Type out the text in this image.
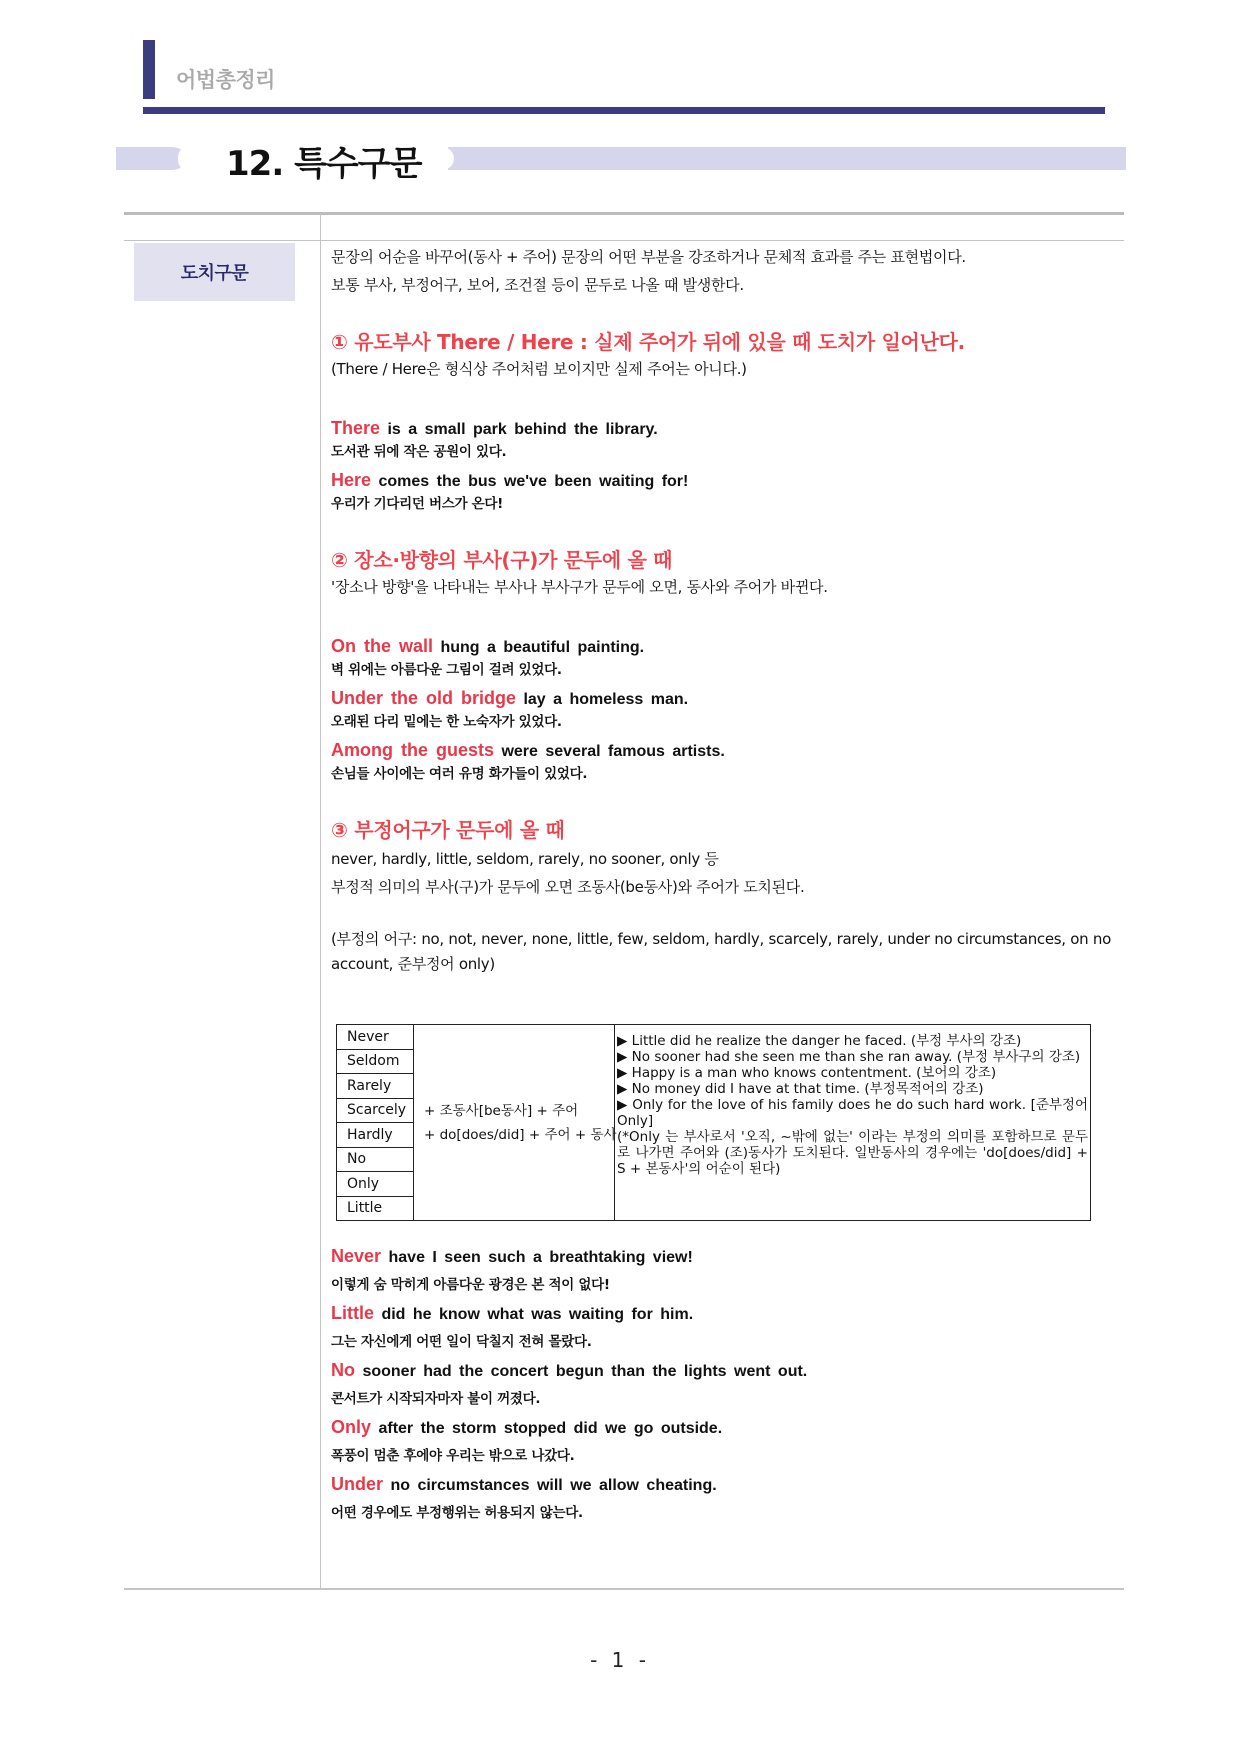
어법총정리
12. 특수구문
도치구문
문장의 어순을 바꾸어(동사 + 주어) 문장의 어떤 부분을 강조하거나 문체적 효과를 주는 표현법이다.
보통 부사, 부정어구, 보어, 조건절 등이 문두로 나올 때 발생한다.
① 유도부사 There / Here : 실제 주어가 뒤에 있을 때 도치가 일어난다.
(There / Here은 형식상 주어처럼 보이지만 실제 주어는 아니다.)
There is a small park behind the library.
도서관 뒤에 작은 공원이 있다.
Here comes the bus we've been waiting for!
우리가 기다리던 버스가 온다!
② 장소·방향의 부사(구)가 문두에 올 때
'장소나 방향'을 나타내는 부사나 부사구가 문두에 오면, 동사와 주어가 바뀐다.
On the wall hung a beautiful painting.
벽 위에는 아름다운 그림이 걸려 있었다.
Under the old bridge lay a homeless man.
오래된 다리 밑에는 한 노숙자가 있었다.
Among the guests were several famous artists.
손님들 사이에는 여러 유명 화가들이 있었다.
③ 부정어구가 문두에 올 때
never, hardly, little, seldom, rarely, no sooner, only 등
부정적 의미의 부사(구)가 문두에 오면 조동사(be동사)와 주어가 도치된다.
(부정의 어구: no, not, never, none, little, few, seldom, hardly, scarcely, rarely, under no circumstances, on no account, 준부정어 only)
Never
Seldom
Rarely
Scarcely
Hardly
No
Only
Little
+ 조동사[be동사] + 주어
+ do[does/did] + 주어 + 동사
▶ Little did he realize the danger he faced. (부정 부사의 강조)
▶ No sooner had she seen me than she ran away. (부정 부사구의 강조)
▶ Happy is a man who knows contentment. (보어의 강조)
▶ No money did I have at that time. (부정목적어의 강조)
▶ Only for the love of his family does he do such hard work. [준부정어 Only]
(*Only 는 부사로서 '오직, ~밖에 없는' 이라는 부정의 의미를 포함하므로 문두로 나가면 주어와 (조)동사가 도치된다. 일반동사의 경우에는 'do[does/did] + S + 본동사'의 어순이 된다)
Never have I seen such a breathtaking view!
이렇게 숨 막히게 아름다운 광경은 본 적이 없다!
Little did he know what was waiting for him.
그는 자신에게 어떤 일이 닥칠지 전혀 몰랐다.
No sooner had the concert begun than the lights went out.
콘서트가 시작되자마자 불이 꺼졌다.
Only after the storm stopped did we go outside.
폭풍이 멈춘 후에야 우리는 밖으로 나갔다.
Under no circumstances will we allow cheating.
어떤 경우에도 부정행위는 허용되지 않는다.
- 1 -
